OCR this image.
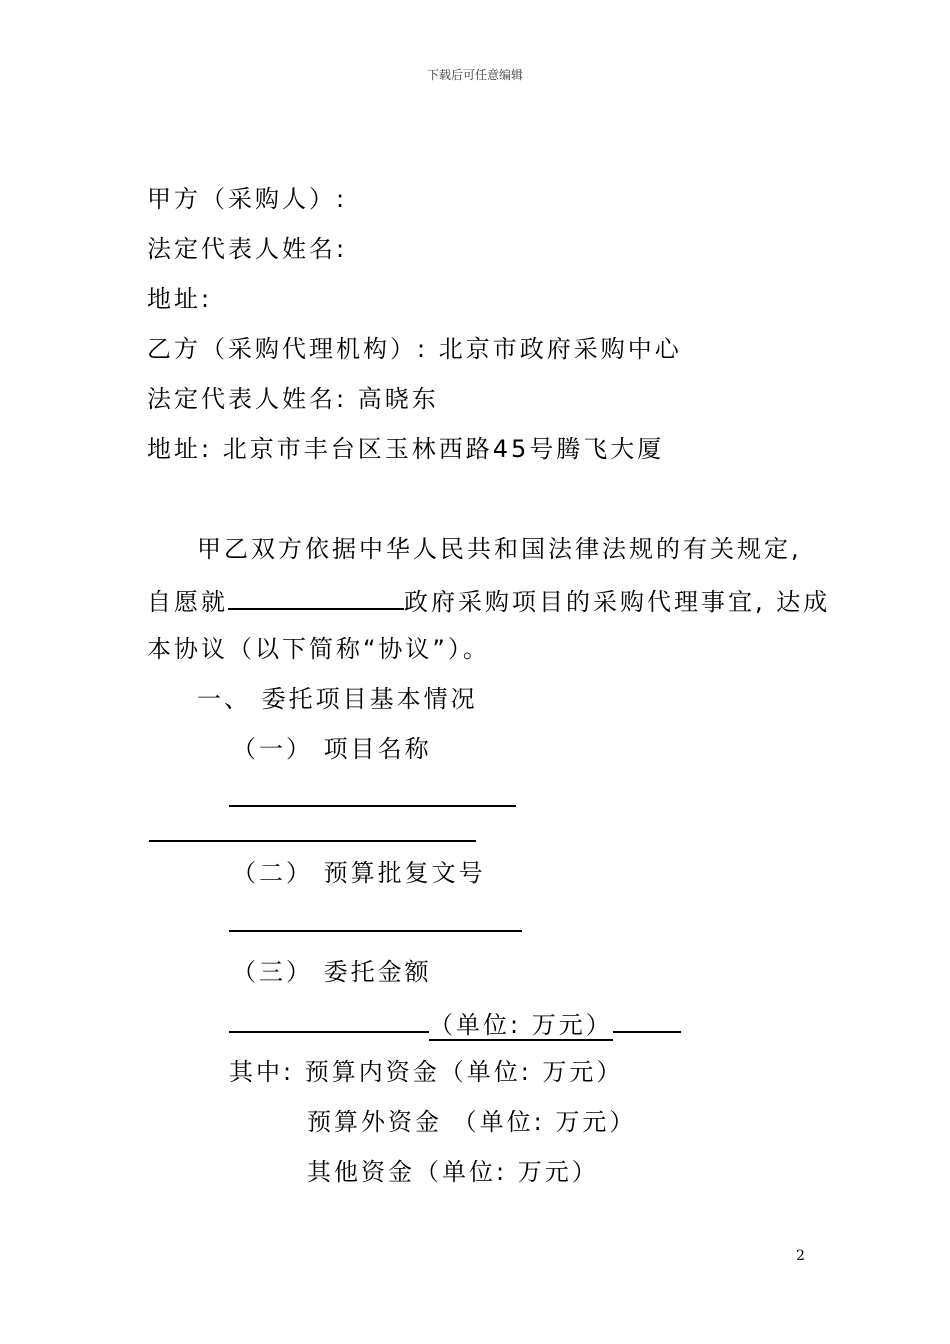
下载后可任意编辑
甲方（采购人）:
法定代表人姓名:
地址:
乙方（采购代理机构）: 北京市政府采购中心
法定代表人姓名: 高晓东
地址: 北京市丰台区玉林西路45号腾飞大厦
甲乙双方依据中华人民共和国法律法规的有关规定,
自愿就	政府采购项目的采购代理事宜, 达成
本协议（以下简称“协议”）。
一、 委托项目基本情况
（一） 项目名称
（二） 预算批复文号
（三） 委托金额
（单位: 万元）
其中: 预算内资金（单位: 万元）
预算外资金 （单位: 万元）
其他资金（单位: 万元）
2
